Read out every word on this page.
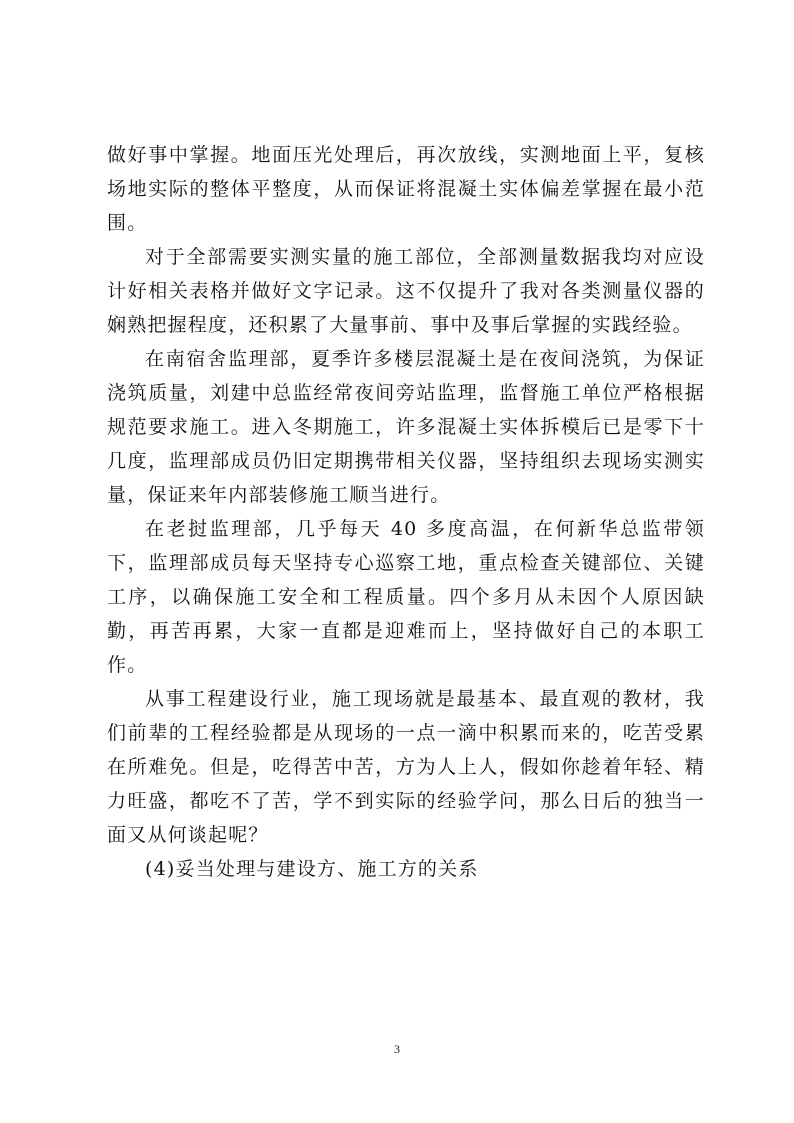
做好事中掌握。地面压光处理后，再次放线，实测地面上平，复核场地实际的整体平整度，从而保证将混凝土实体偏差掌握在最小范围。

对于全部需要实测实量的施工部位，全部测量数据我均对应设计好相关表格并做好文字记录。这不仅提升了我对各类测量仪器的娴熟把握程度，还积累了大量事前、事中及事后掌握的实践经验。

在南宿舍监理部，夏季许多楼层混凝土是在夜间浇筑，为保证浇筑质量，刘建中总监经常夜间旁站监理，监督施工单位严格根据规范要求施工。进入冬期施工，许多混凝土实体拆模后已是零下十几度，监理部成员仍旧定期携带相关仪器，坚持组织去现场实测实量，保证来年内部装修施工顺当进行。

在老挝监理部，几乎每天 40 多度高温，在何新华总监带领下，监理部成员每天坚持专心巡察工地，重点检查关键部位、关键工序，以确保施工安全和工程质量。四个多月从未因个人原因缺勤，再苦再累，大家一直都是迎难而上，坚持做好自己的本职工作。

从事工程建设行业，施工现场就是最基本、最直观的教材，我们前辈的工程经验都是从现场的一点一滴中积累而来的，吃苦受累在所难免。但是，吃得苦中苦，方为人上人，假如你趁着年轻、精力旺盛，都吃不了苦，学不到实际的经验学问，那么日后的独当一面又从何谈起呢？

(4)妥当处理与建设方、施工方的关系

3
